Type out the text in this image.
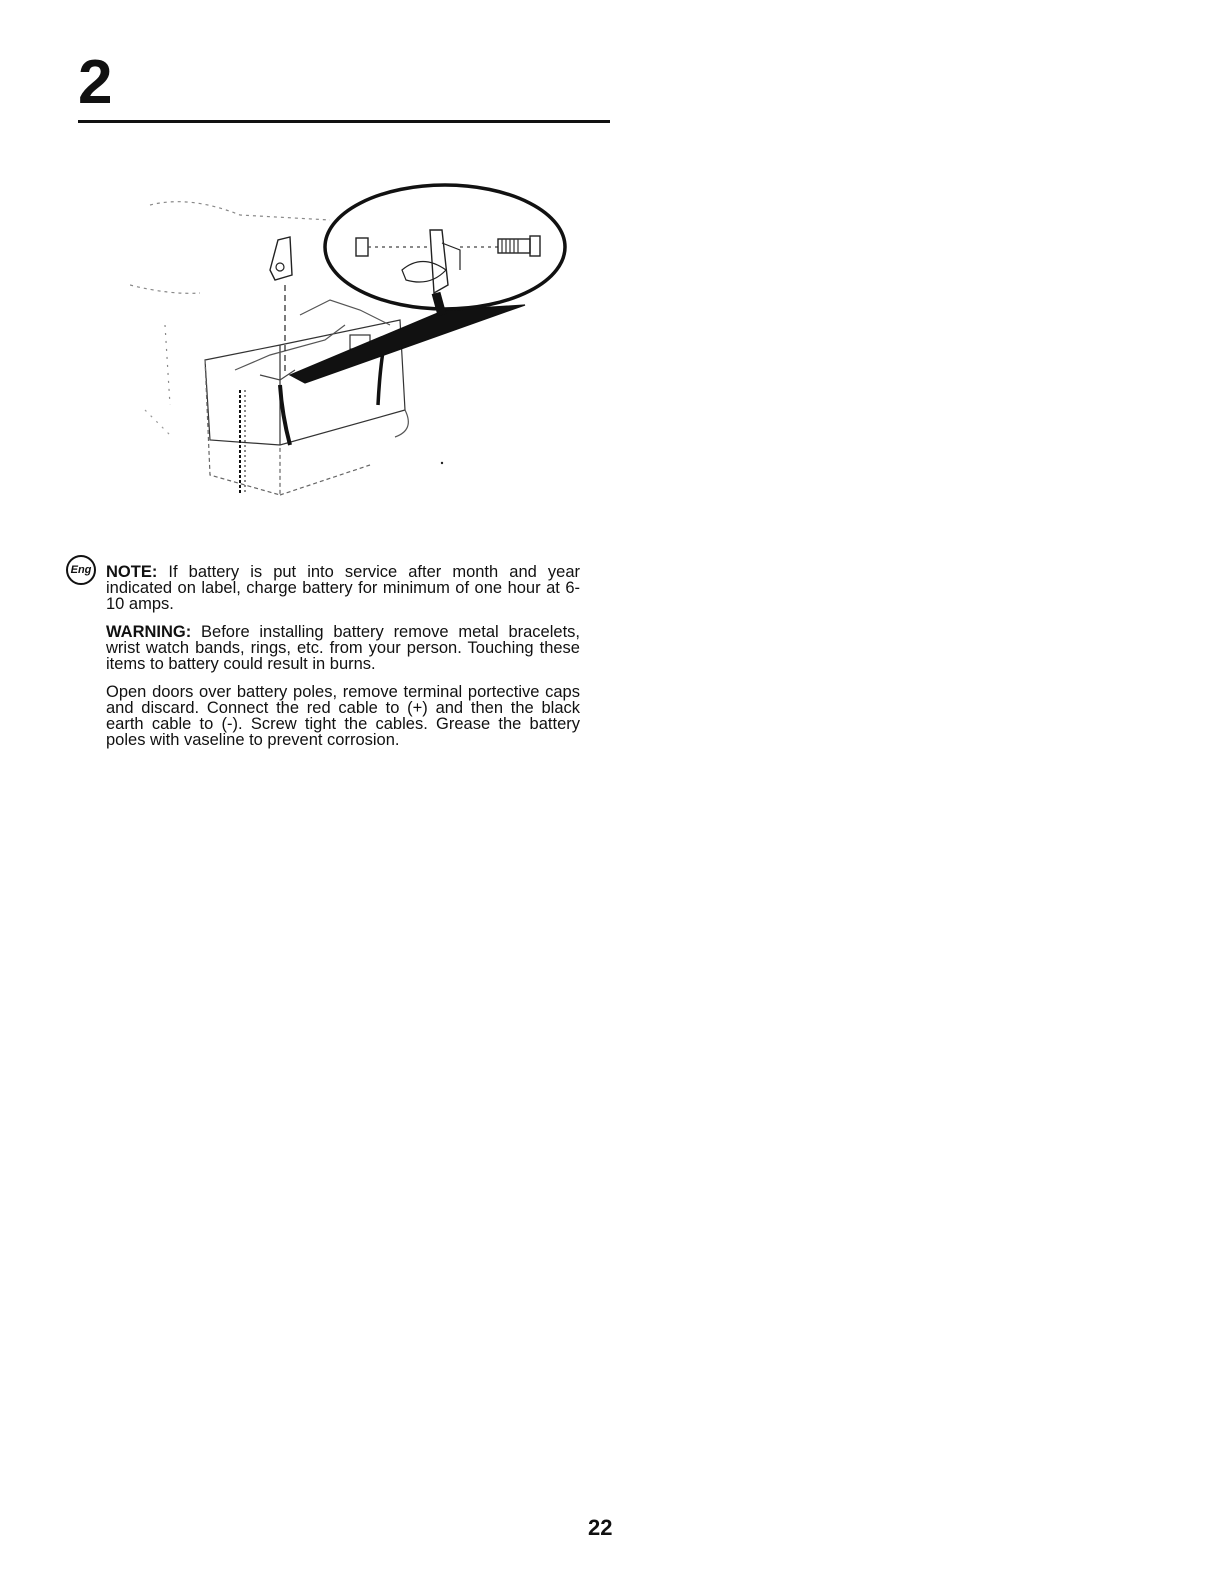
2
Eng NOTE: If battery is put into service after month and year indicated on label, charge battery for minimum of one hour at 6-10 amps.

WARNING: Before installing battery remove metal bracelets, wrist watch bands, rings, etc. from your person. Touching these items to battery could result in burns.

Open doors over battery poles, remove terminal portective caps and discard. Connect the red cable to (+) and then the black earth cable to (-). Screw tight the cables. Grease the battery poles with vaseline to prevent corrosion.

22
